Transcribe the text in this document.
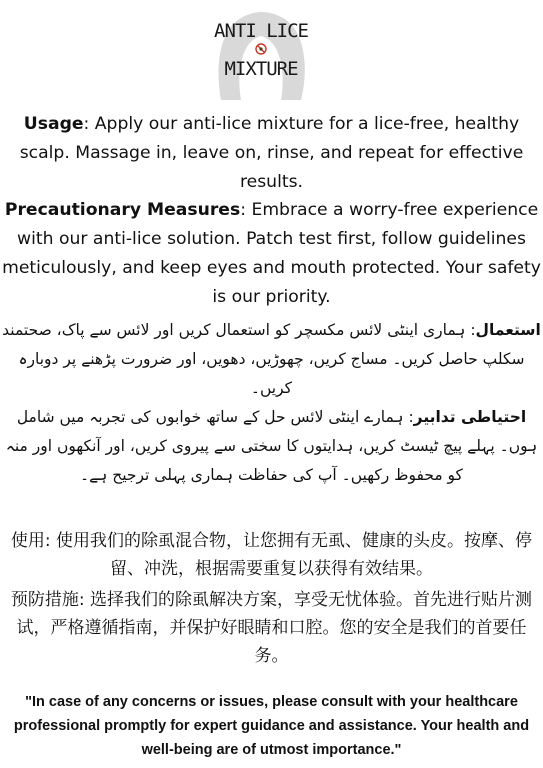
ANTI LICE
MIXTURE
Usage: Apply our anti-lice mixture for a lice-free, healthy scalp. Massage in, leave on, rinse, and repeat for effective results.
Precautionary Measures: Embrace a worry-free experience with our anti-lice solution. Patch test first, follow guidelines meticulously, and keep eyes and mouth protected. Your safety is our priority.
استعمال: ہماری اینٹی لائس مکسچر کو استعمال کریں اور لائس سے پاک، صحتمند سکلپ حاصل کریں۔ مساج کریں، چھوڑیں، دھویں، اور ضرورت پڑھنے پر دوبارہ کریں۔
احتیاطی تدابیر: ہمارے اینٹی لائس حل کے ساتھ خوابوں کی تجربہ میں شامل ہوں۔ پہلے پیچ ٹیسٹ کریں، ہدایتوں کا سختی سے پیروی کریں، اور آنکھوں اور منہ کو محفوظ رکھیں۔ آپ کی حفاظت ہماری پہلی ترجیح ہے۔
使用: 使用我们的除虱混合物，让您拥有无虱、健康的头皮。按摩、停留、冲洗，根据需要重复以获得有效结果。
预防措施: 选择我们的除虱解决方案，享受无忧体验。首先进行贴片测试，严格遵循指南，并保护好眼睛和口腔。您的安全是我们的首要任务。
"In case of any concerns or issues, please consult with your healthcare professional promptly for expert guidance and assistance. Your health and well-being are of utmost importance."
